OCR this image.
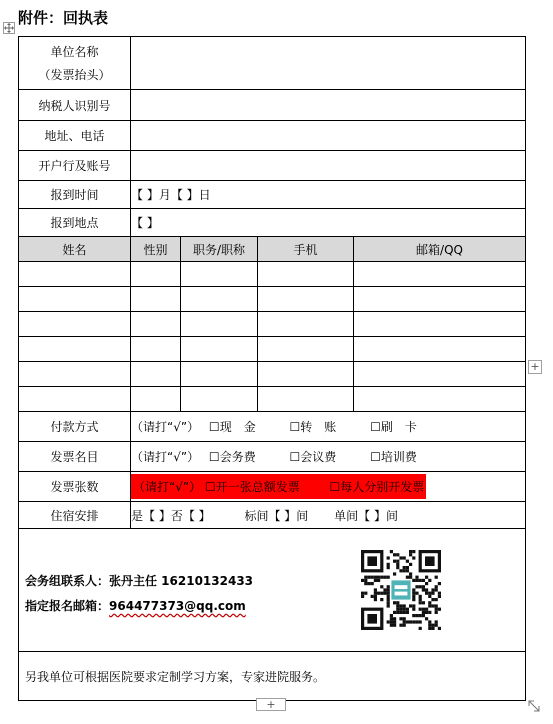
附件：回执表
单位名称
（发票抬头）				

纳税人识别号				
地址、电话				
开户行及账号				
报到时间	【 】月【 】日			
报到地点	【 】			
姓名	性别	职务/职称	手机	邮箱/QQ

付款方式	（请打“√”） ☐现　金 ☐转　账 ☐刷　卡			
发票名目	（请打“√”） ☐会务费 ☐会议费 ☐培训费			
发票张数	（请打“√”） ☐开一张总额发票 ☐每人分别开发票			
住宿安排	是【 】否【 】 标间【 】间 单间【 】间			

会务组联系人：张丹主任 16210132433
指定报名邮箱：964477373@qq.com				

另我单位可根据医院要求定制学习方案，专家进院服务。				
+
+
